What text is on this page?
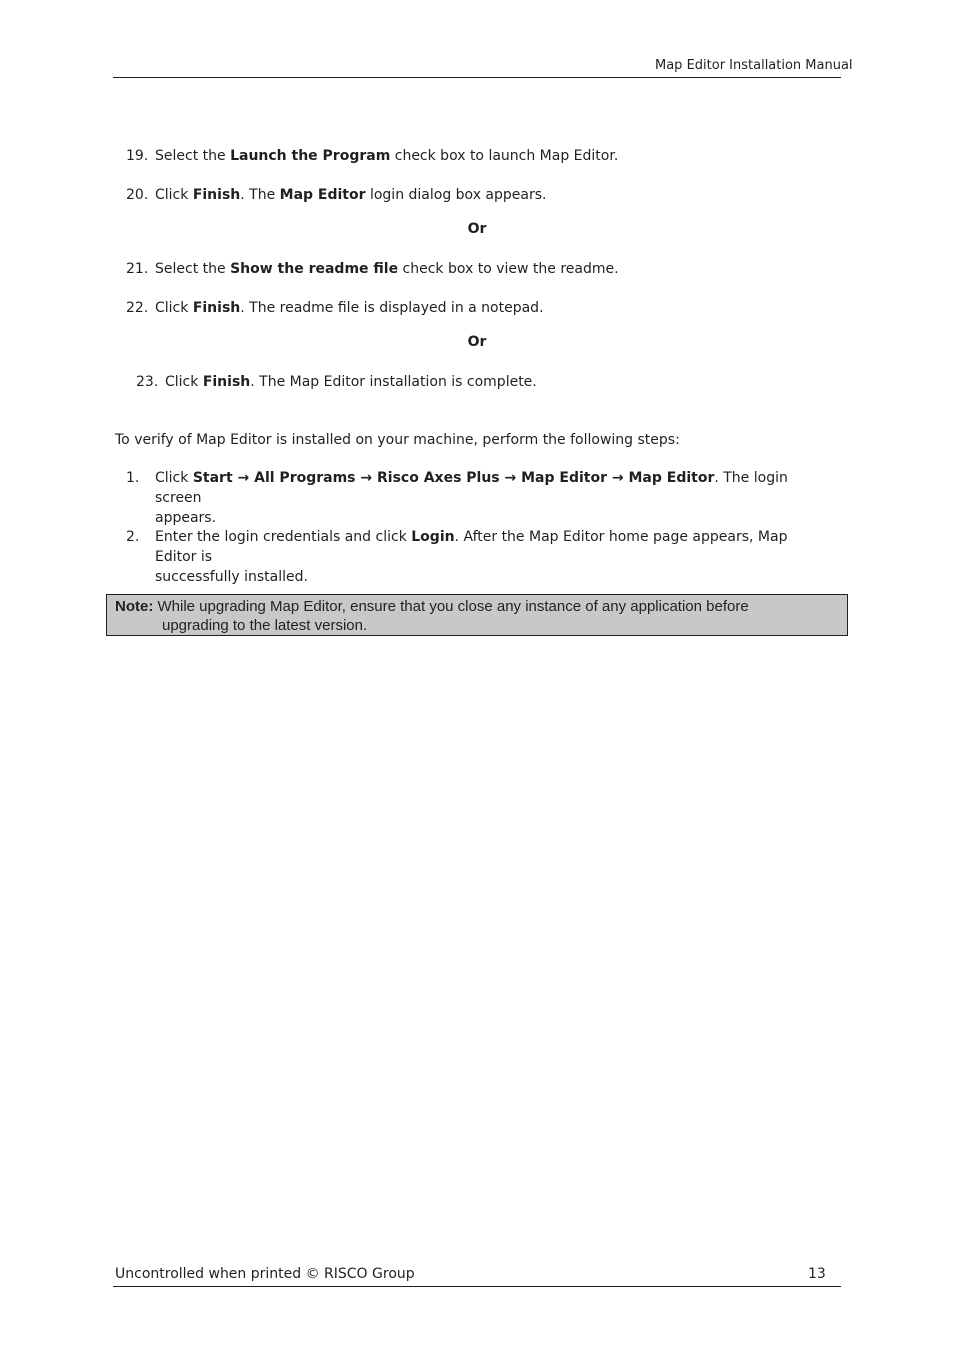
Map Editor Installation Manual
19. Select the Launch the Program check box to launch Map Editor.
20. Click Finish. The Map Editor login dialog box appears.
Or
21. Select the Show the readme file check box to view the readme.
22. Click Finish. The readme file is displayed in a notepad.
Or
23. Click Finish. The Map Editor installation is complete.
To verify of Map Editor is installed on your machine, perform the following steps:
1. Click Start → All Programs → Risco Axes Plus → Map Editor → Map Editor. The login screen
appears.
2. Enter the login credentials and click Login. After the Map Editor home page appears, Map Editor is
successfully installed.
Note: While upgrading Map Editor, ensure that you close any instance of any application before
upgrading to the latest version.
Uncontrolled when printed © RISCO Group	13
